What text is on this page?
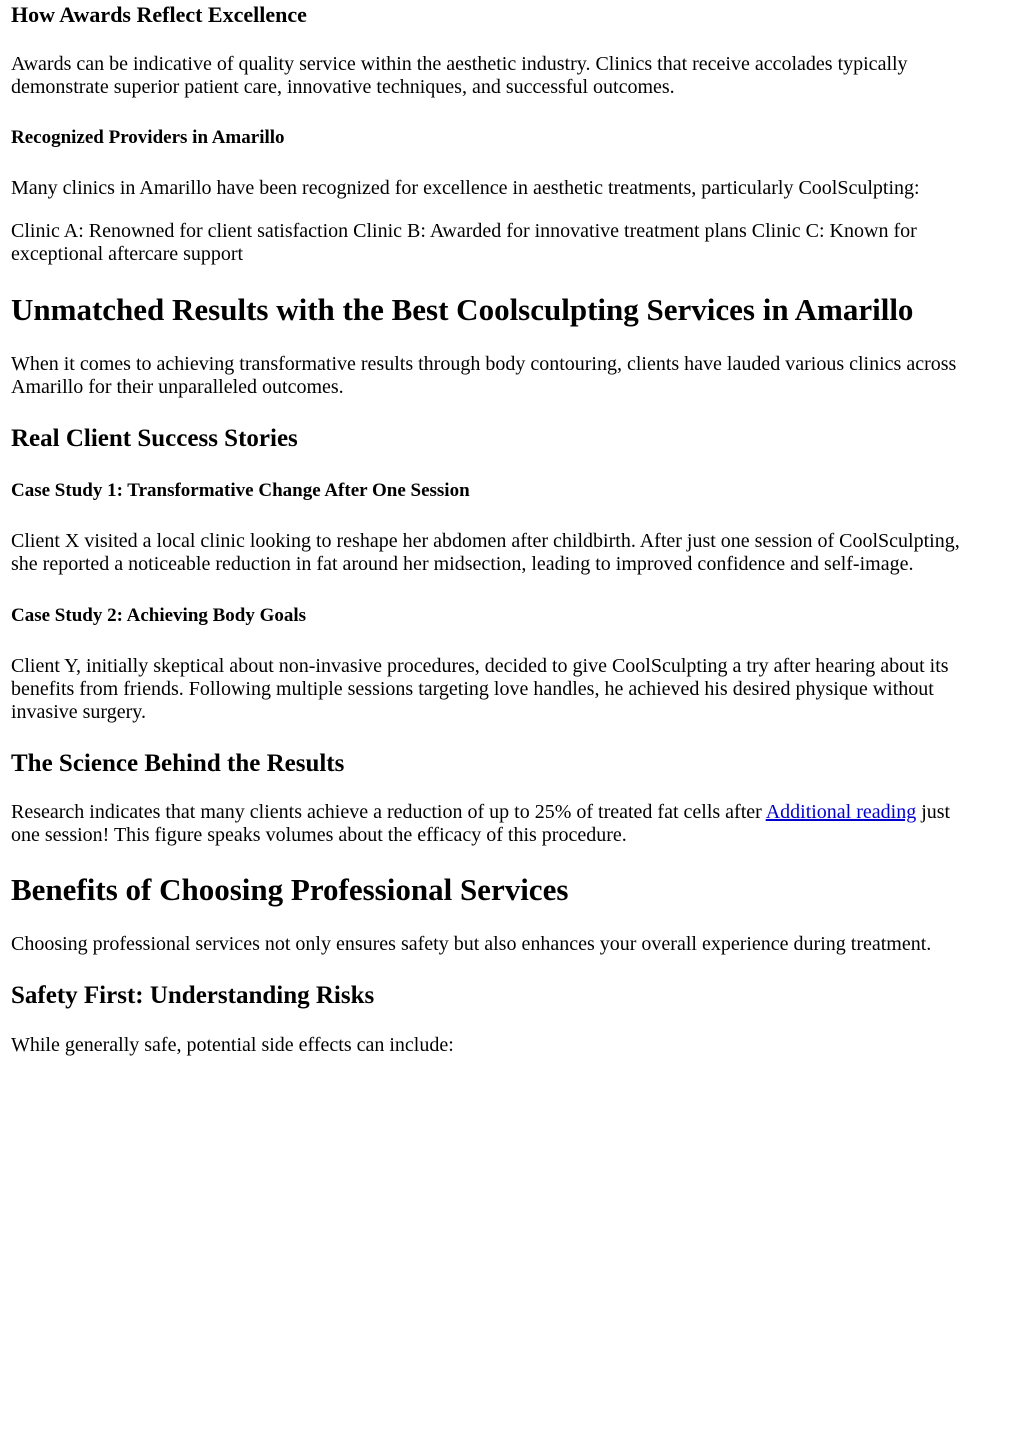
How Awards Reflect Excellence

Awards can be indicative of quality service within the aesthetic industry. Clinics that receive accolades typically

demonstrate superior patient care, innovative techniques, and successful outcomes.

Recognized Providers in Amarillo

Many clinics in Amarillo have been recognized for excellence in aesthetic treatments, particularly CoolSculpting:

Clinic A: Renowned for client satisfaction Clinic B: Awarded for innovative treatment plans Clinic C: Known for

exceptional aftercare support

Unmatched Results with the Best Coolsculpting Services in Amarillo

When it comes to achieving transformative results through body contouring, clients have lauded various clinics across

Amarillo for their unparalleled outcomes.

Real Client Success Stories
Case Study 1: Transformative Change After One Session

Client X visited a local clinic looking to reshape her abdomen after childbirth. After just one session of CoolSculpting,

she reported a noticeable reduction in fat around her midsection, leading to improved confidence and self-image.

Case Study 2: Achieving Body Goals

Client Y, initially skeptical about non-invasive procedures, decided to give CoolSculpting a try after hearing about its

benefits from friends. Following multiple sessions targeting love handles, he achieved his desired physique without

invasive surgery.

The Science Behind the Results

Research indicates that many clients achieve a reduction of up to 25% of treated fat cells after Additional reading just

one session! This figure speaks volumes about the efficacy of this procedure.

Benefits of Choosing Professional Services

Choosing professional services not only ensures safety but also enhances your overall experience during treatment.

Safety First: Understanding Risks

While generally safe, potential side effects can include:
